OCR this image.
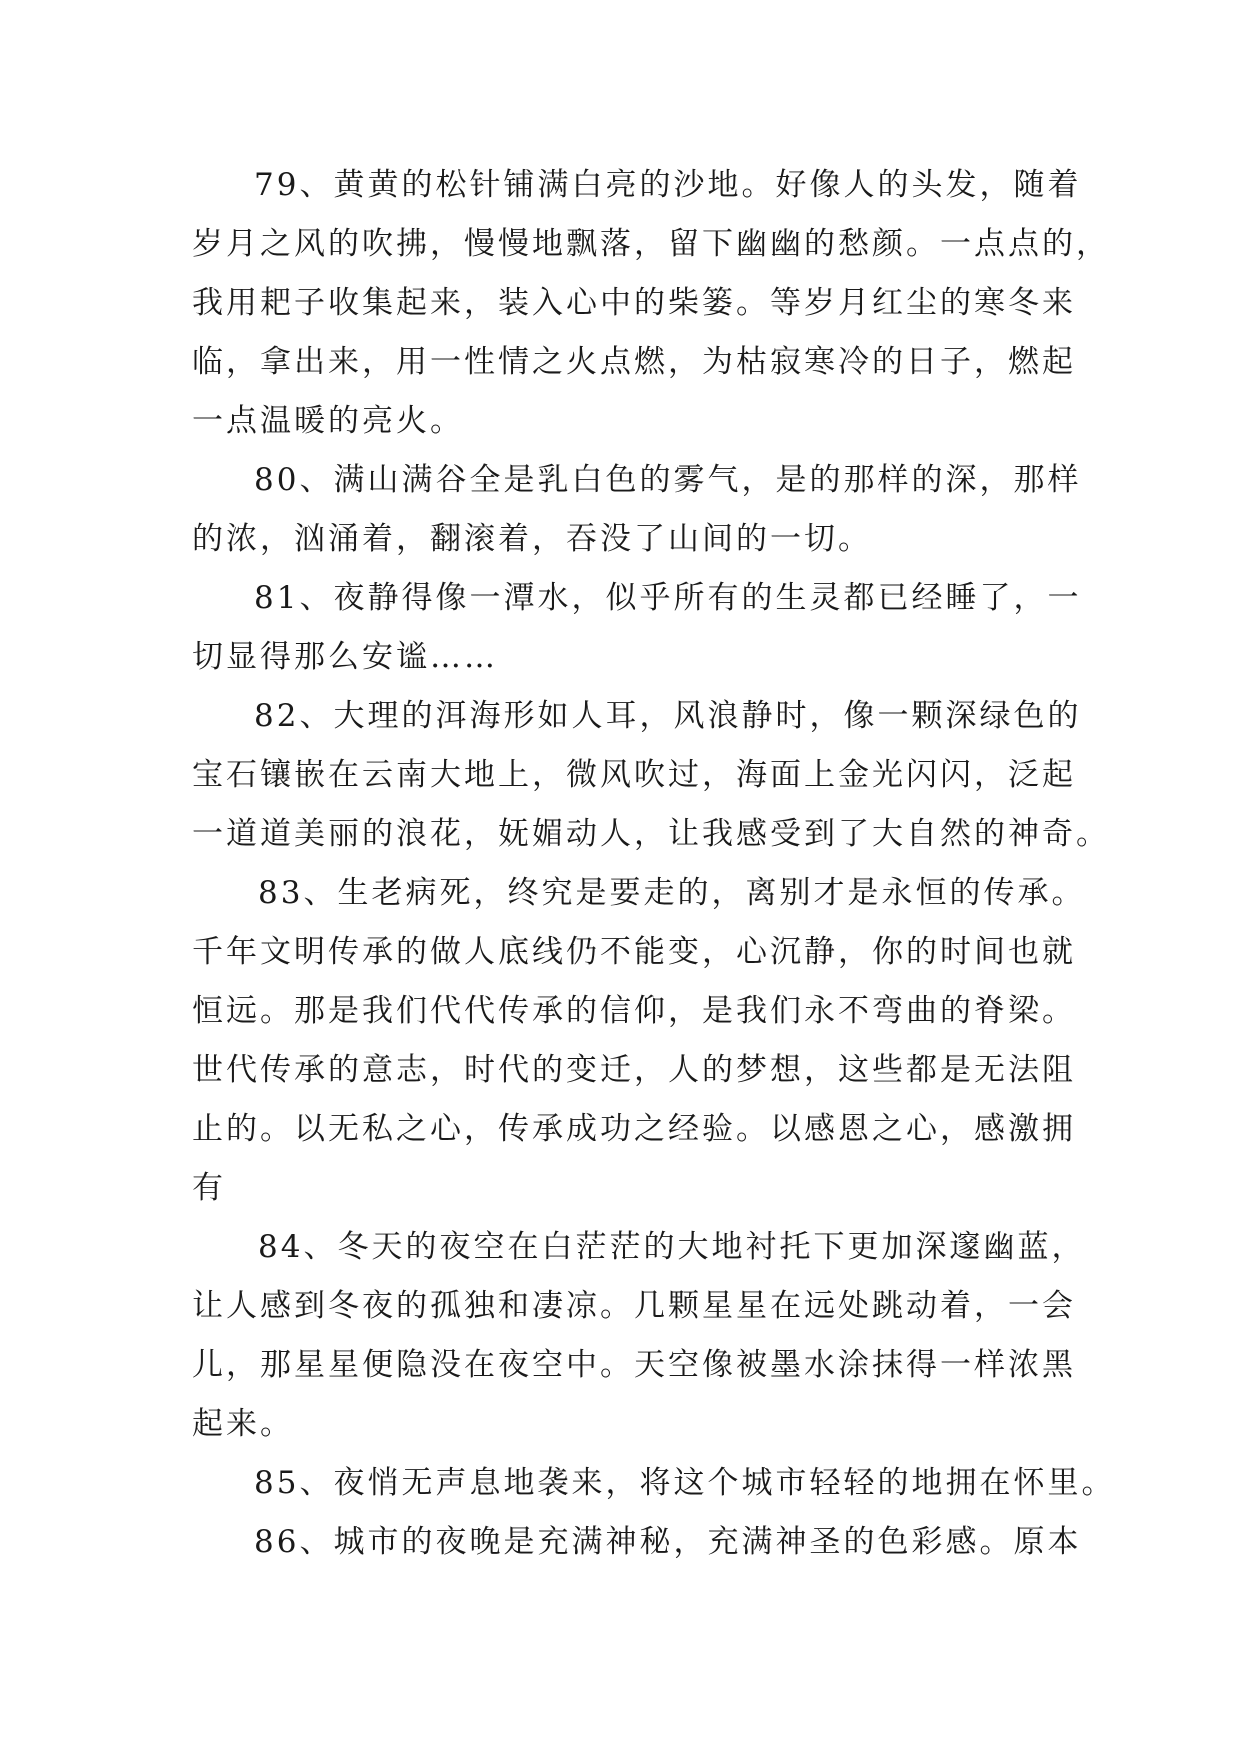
79、黄黄的松针铺满白亮的沙地。好像人的头发，随着
岁月之风的吹拂，慢慢地飘落，留下幽幽的愁颜。一点点的，
我用耙子收集起来，装入心中的柴篓。等岁月红尘的寒冬来
临，拿出来，用一性情之火点燃，为枯寂寒冷的日子，燃起
一点温暖的亮火。
80、满山满谷全是乳白色的雾气，是的那样的深，那样
的浓，汹涌着，翻滚着，吞没了山间的一切。
81、夜静得像一潭水，似乎所有的生灵都已经睡了，一
切显得那么安谧……
82、大理的洱海形如人耳，风浪静时，像一颗深绿色的
宝石镶嵌在云南大地上，微风吹过，海面上金光闪闪，泛起
一道道美丽的浪花，妩媚动人，让我感受到了大自然的神奇。
83、生老病死，终究是要走的，离别才是永恒的传承。
千年文明传承的做人底线仍不能变，心沉静，你的时间也就
恒远。那是我们代代传承的信仰，是我们永不弯曲的脊梁。
世代传承的意志，时代的变迁，人的梦想，这些都是无法阻
止的。以无私之心，传承成功之经验。以感恩之心，感激拥
有
84、冬天的夜空在白茫茫的大地衬托下更加深邃幽蓝，
让人感到冬夜的孤独和凄凉。几颗星星在远处跳动着，一会
儿，那星星便隐没在夜空中。天空像被墨水涂抹得一样浓黑
起来。
85、夜悄无声息地袭来，将这个城市轻轻的地拥在怀里。
86、城市的夜晚是充满神秘，充满神圣的色彩感。原本
